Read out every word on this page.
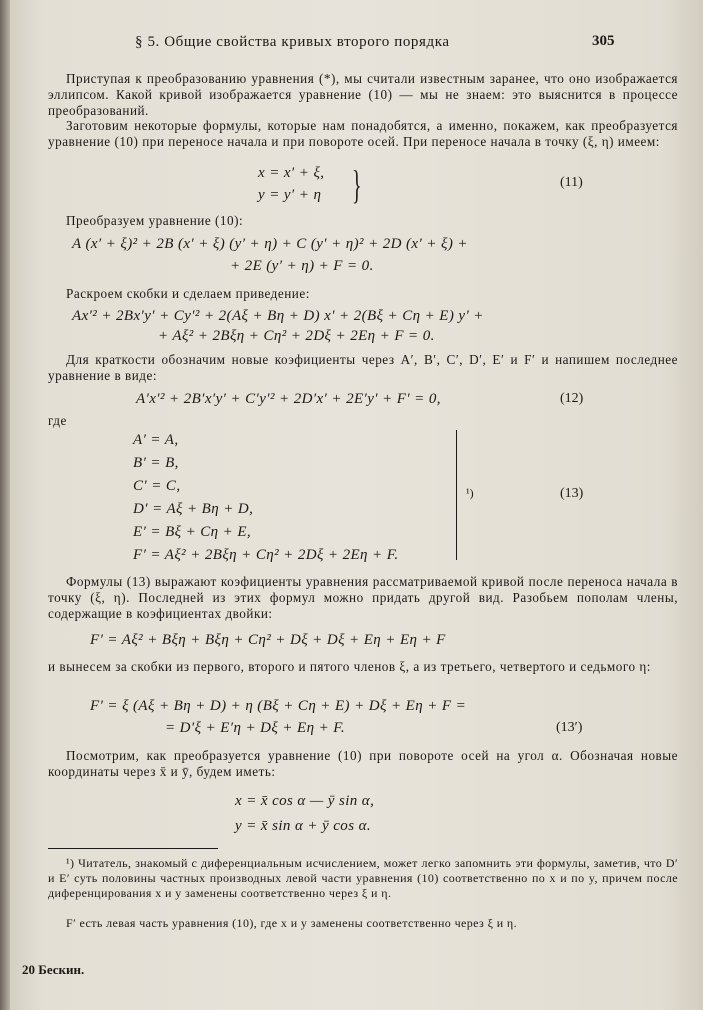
§ 5. Общие свойства кривых второго порядка	305
Приступая к преобразованию уравнения (*), мы считали известным заранее, что оно изображается эллипсом. Какой кривой изображается уравнение (10) — мы не знаем: это выяснится в процессе преобразований.
Заготовим некоторые формулы, которые нам понадобятся, а именно, покажем, как преобразуется уравнение (10) при переносе начала и при повороте осей. При переносе начала в точку (ξ, η) имеем:
x = x′ + ξ,
y = y′ + η }	(11)
Преобразуем уравнение (10):
A (x′ + ξ)² + 2B (x′ + ξ) (y′ + η) + C (y′ + η)² + 2D (x′ + ξ) +
+ 2E (y′ + η) + F = 0.
Раскроем скобки и сделаем приведение:
Ax′² + 2Bx′y′ + Cy′² + 2(Aξ + Bη + D) x′ + 2(Bξ + Cη + E) y′ +
+ Aξ² + 2Bξη + Cη² + 2Dξ + 2Eη + F = 0.
Для краткости обозначим новые коэфициенты через A′, B′, C′, D′, E′ и F′ и напишем последнее уравнение в виде:
A′x′² + 2B′x′y′ + C′y′² + 2D′x′ + 2E′y′ + F′ = 0,	(12)
где
A′ = A,
B′ = B,
C′ = C,
D′ = Aξ + Bη + D,
E′ = Bξ + Cη + E,
F′ = Aξ² + 2Bξη + Cη² + 2Dξ + 2Eη + F.
¹)	(13)
Формулы (13) выражают коэфициенты уравнения рассматриваемой кривой после переноса начала в точку (ξ, η). Последней из этих формул можно придать другой вид. Разобьем пополам члены, содержащие в коэфициентах двойки:
F′ = Aξ² + Bξη + Bξη + Cη² + Dξ + Dξ + Eη + Eη + F
и вынесем за скобки из первого, второго и пятого членов ξ, а из третьего, четвертого и седьмого η:
F′ = ξ (Aξ + Bη + D) + η (Bξ + Cη + E) + Dξ + Eη + F =
= D′ξ + E′η + Dξ + Eη + F.	(13′)
Посмотрим, как преобразуется уравнение (10) при повороте осей на угол α. Обозначая новые координаты через x̄ и ȳ, будем иметь:
x = x̄ cos α — ȳ sin α,
y = x̄ sin α + ȳ cos α.
¹) Читатель, знакомый с диференциальным исчислением, может легко запомнить эти формулы, заметив, что D′ и E′ суть половины частных производных левой части уравнения (10) соответственно по x и по y, причем после диференцирования x и y заменены соответственно через ξ и η.
F′ есть левая часть уравнения (10), где x и y заменены соответственно через ξ и η.
20 Бескин.
